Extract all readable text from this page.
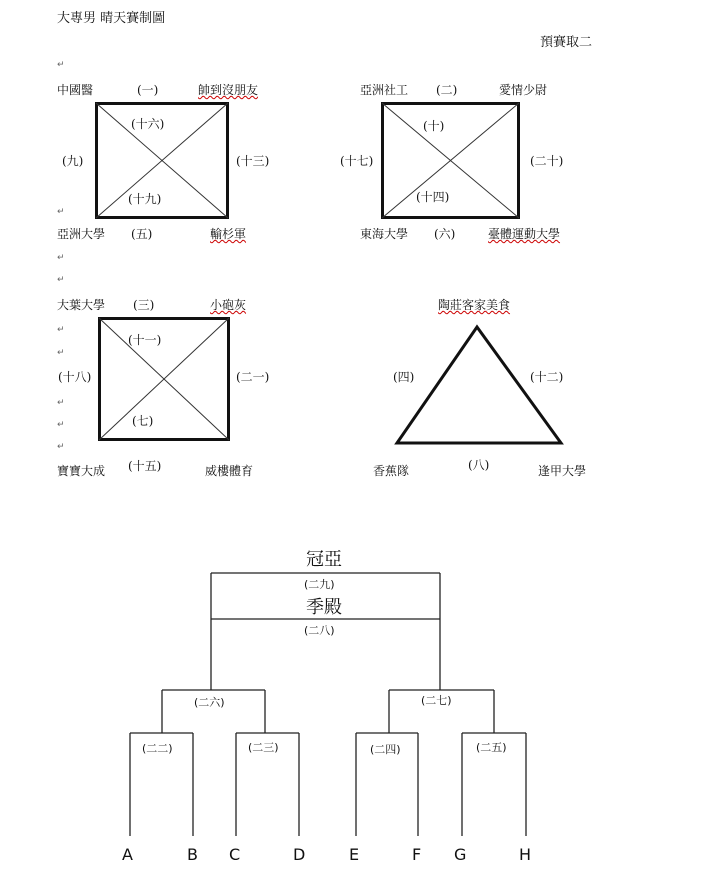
大專男 晴天賽制圖
預賽取二
↵
↵
↵
↵
↵
↵
↵
↵
↵
中國醫	(一)	帥到沒朋友
(十六)
(九)	(十三)
(十九)
亞洲大學 (五)	輸杉軍
亞洲社工 (二)	愛情少尉
(十)
(十七)	(二十)
(十四)
東海大學 (六)	臺體運動大學
大葉大學 (三)	小砲灰
(十一)
(十八)	(二一)
(七)
寶寶大成 (十五)	威樓體育
陶莊客家美食
(四)	(十二)
香蕉隊	(八)	逢甲大學
冠亞
(二九)
季殿
(二八)
(二六)	(二七)
(二二)	(二三)	(二四)	(二五)
A	B C	D	E	F G	H
